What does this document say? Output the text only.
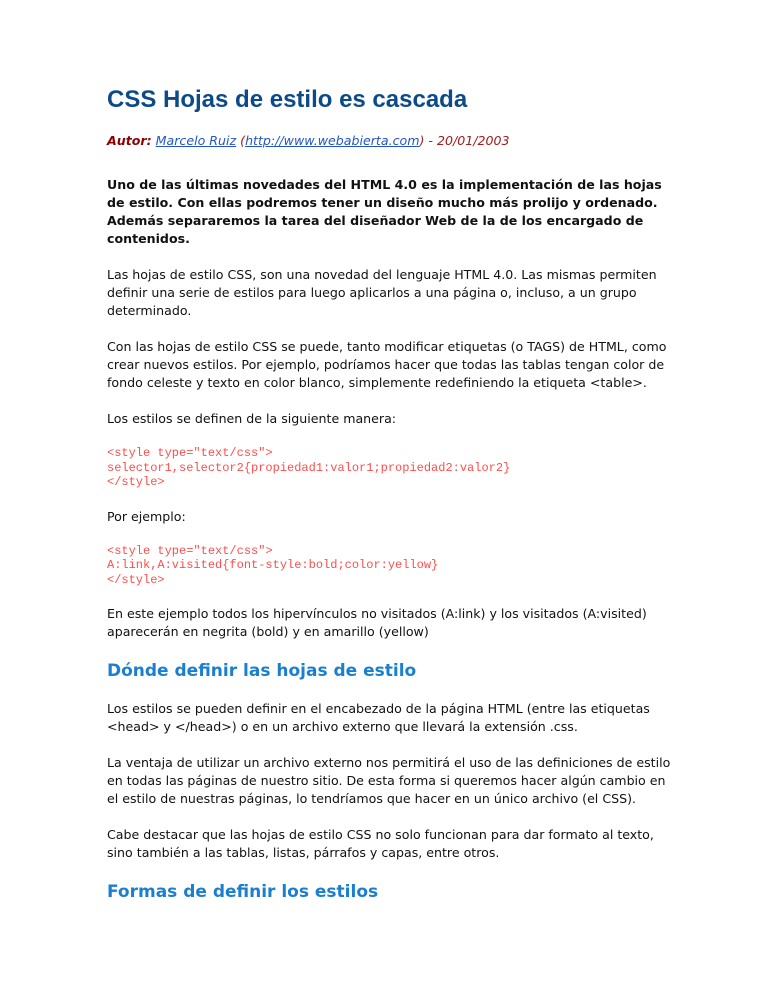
CSS Hojas de estilo es cascada
Autor: Marcelo Ruiz (http://www.webabierta.com) - 20/01/2003

Uno de las últimas novedades del HTML 4.0 es la implementación de las hojas de estilo. Con ellas podremos tener un diseño mucho más prolijo y ordenado. Además separaremos la tarea del diseñador Web de la de los encargado de contenidos.

Las hojas de estilo CSS, son una novedad del lenguaje HTML 4.0. Las mismas permiten definir una serie de estilos para luego aplicarlos a una página o, incluso, a un grupo determinado.

Con las hojas de estilo CSS se puede, tanto modificar etiquetas (o TAGS) de HTML, como crear nuevos estilos. Por ejemplo, podríamos hacer que todas las tablas tengan color de fondo celeste y texto en color blanco, simplemente redefiniendo la etiqueta <table>.

Los estilos se definen de la siguiente manera:

<style type="text/css">
selector1,selector2{propiedad1:valor1;propiedad2:valor2}
</style>

Por ejemplo:

<style type="text/css">
A:link,A:visited{font-style:bold;color:yellow}
</style>

En este ejemplo todos los hipervínculos no visitados (A:link) y los visitados (A:visited) aparecerán en negrita (bold) y en amarillo (yellow)

Dónde definir las hojas de estilo

Los estilos se pueden definir en el encabezado de la página HTML (entre las etiquetas <head> y </head>) o en un archivo externo que llevará la extensión .css.

La ventaja de utilizar un archivo externo nos permitirá el uso de las definiciones de estilo en todas las páginas de nuestro sitio. De esta forma si queremos hacer algún cambio en el estilo de nuestras páginas, lo tendríamos que hacer en un único archivo (el CSS).

Cabe destacar que las hojas de estilo CSS no solo funcionan para dar formato al texto, sino también a las tablas, listas, párrafos y capas, entre otros.

Formas de definir los estilos
